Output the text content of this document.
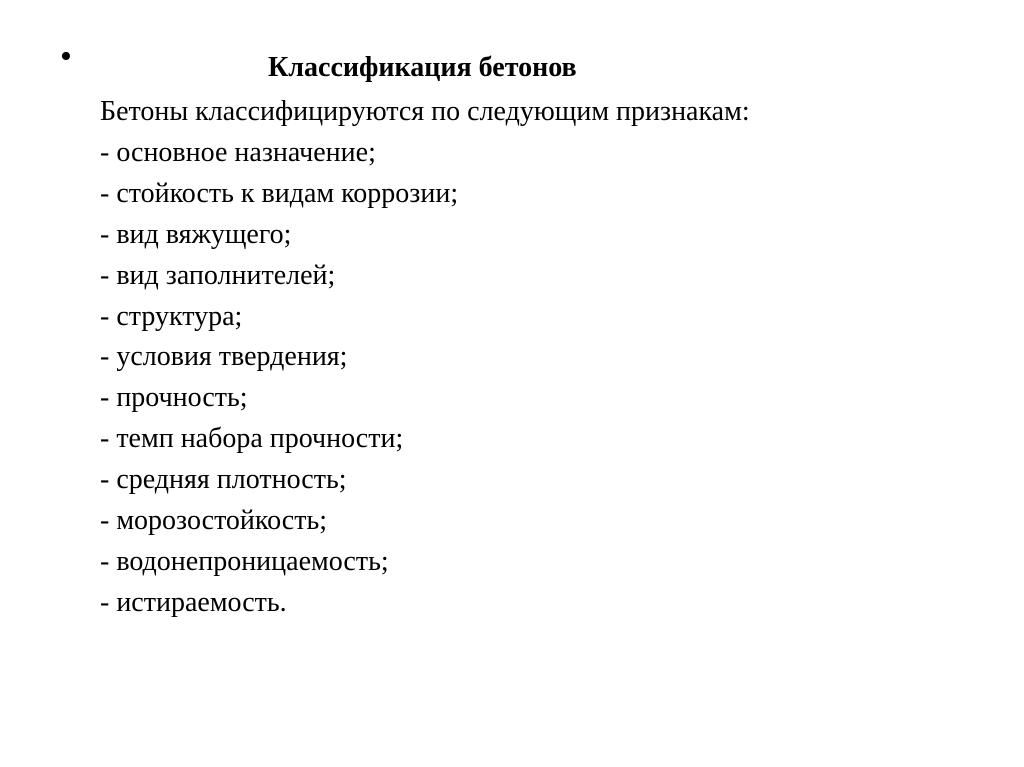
•	Классификация бетонов
Бетоны классифицируются по следующим признакам:
- основное назначение;
- стойкость к видам коррозии;
- вид вяжущего;
- вид заполнителей;
- структура;
- условия твердения;
- прочность;
- темп набора прочности;
- средняя плотность;
- морозостойкость;
- водонепроницаемость;
- истираемость.
